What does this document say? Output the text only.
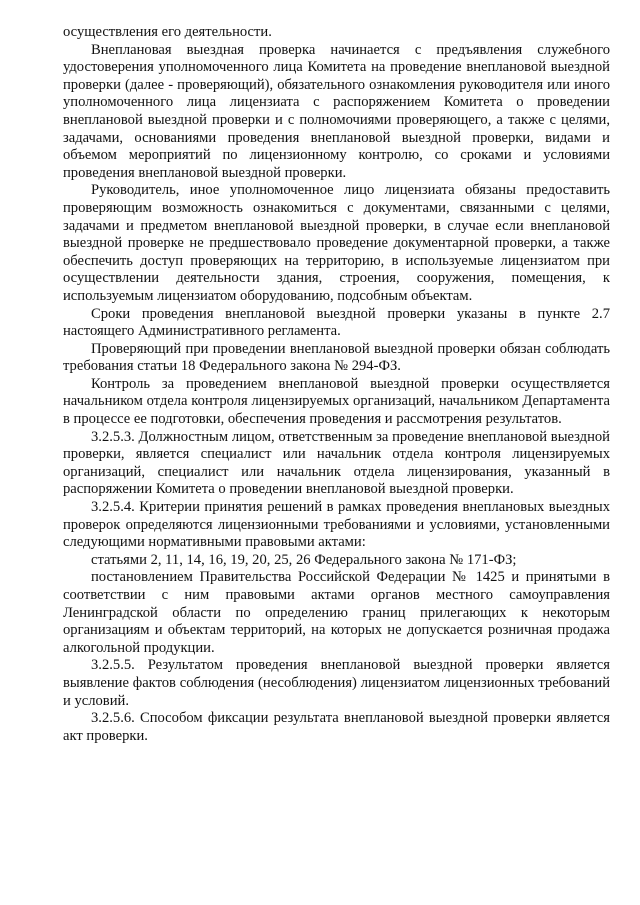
осуществления его деятельности.

Внеплановая выездная проверка начинается с предъявления служебного удостоверения уполномоченного лица Комитета на проведение внеплановой выездной проверки (далее - проверяющий), обязательного ознакомления руководителя или иного уполномоченного лица лицензиата с распоряжением Комитета о проведении внеплановой выездной проверки и с полномочиями проверяющего, а также с целями, задачами, основаниями проведения внеплановой выездной проверки, видами и объемом мероприятий по лицензионному контролю, со сроками и условиями проведения внеплановой выездной проверки.

Руководитель, иное уполномоченное лицо лицензиата обязаны предоставить проверяющим возможность ознакомиться с документами, связанными с целями, задачами и предметом внеплановой выездной проверки, в случае если внеплановой выездной проверке не предшествовало проведение документарной проверки, а также обеспечить доступ проверяющих на территорию, в используемые лицензиатом при осуществлении деятельности здания, строения, сооружения, помещения, к используемым лицензиатом оборудованию, подсобным объектам.

Сроки проведения внеплановой выездной проверки указаны в пункте 2.7 настоящего Административного регламента.

Проверяющий при проведении внеплановой выездной проверки обязан соблюдать требования статьи 18 Федерального закона № 294-ФЗ.

Контроль за проведением внеплановой выездной проверки осуществляется начальником отдела контроля лицензируемых организаций, начальником Департамента в процессе ее подготовки, обеспечения проведения и рассмотрения результатов.

3.2.5.3. Должностным лицом, ответственным за проведение внеплановой выездной проверки, является специалист или начальник отдела контроля лицензируемых организаций, специалист или начальник отдела лицензирования, указанный в распоряжении Комитета о проведении внеплановой выездной проверки.

3.2.5.4. Критерии принятия решений в рамках проведения внеплановых выездных проверок определяются лицензионными требованиями и условиями, установленными следующими нормативными правовыми актами:

статьями 2, 11, 14, 16, 19, 20, 25, 26 Федерального закона № 171-ФЗ;

постановлением Правительства Российской Федерации № 1425 и принятыми в соответствии с ним правовыми актами органов местного самоуправления Ленинградской области по определению границ прилегающих к некоторым организациям и объектам территорий, на которых не допускается розничная продажа алкогольной продукции.

3.2.5.5. Результатом проведения внеплановой выездной проверки является выявление фактов соблюдения (несоблюдения) лицензиатом лицензионных требований и условий.

3.2.5.6. Способом фиксации результата внеплановой выездной проверки является акт проверки.
